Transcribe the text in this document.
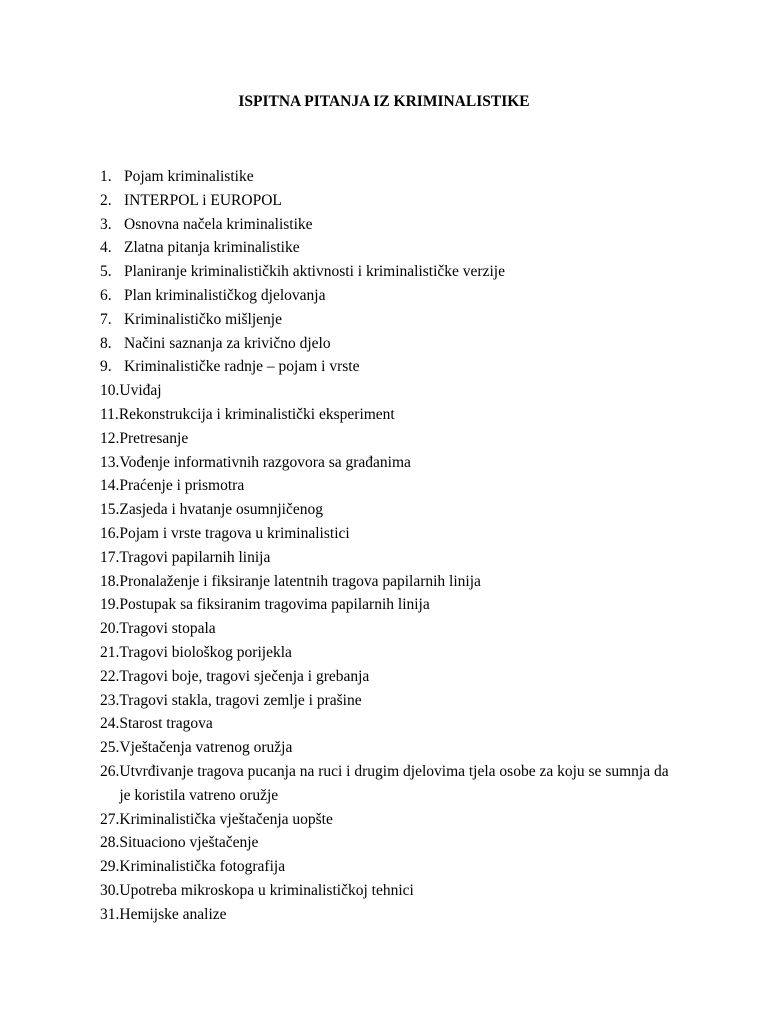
ISPITNA PITANJA IZ KRIMINALISTIKE
1. Pojam kriminalistike
2. INTERPOL i EUROPOL
3. Osnovna načela kriminalistike
4. Zlatna pitanja kriminalistike
5. Planiranje kriminalističkih aktivnosti i kriminalističke verzije
6. Plan kriminalističkog djelovanja
7. Kriminalističko mišljenje
8. Načini saznanja za krivično djelo
9. Kriminalističke radnje – pojam i vrste
10. Uviđaj
11. Rekonstrukcija i kriminalistički eksperiment
12. Pretresanje
13. Vođenje informativnih razgovora sa građanima
14. Praćenje i prismotra
15. Zasjeda i hvatanje osumnjičenog
16. Pojam i vrste tragova u kriminalistici
17. Tragovi papilarnih linija
18. Pronalaženje i fiksiranje latentnih tragova papilarnih linija
19. Postupak sa fiksiranim tragovima papilarnih linija
20. Tragovi stopala
21. Tragovi biološkog porijekla
22. Tragovi boje, tragovi sječenja i grebanja
23. Tragovi stakla, tragovi zemlje i prašine
24. Starost tragova
25. Vještačenja vatrenog oružja
26. Utvrđivanje tragova pucanja na ruci i drugim djelovima tjela osobe za koju se sumnja da je koristila vatreno oružje
27. Kriminalistička vještačenja uopšte
28. Situaciono vještačenje
29. Kriminalistička fotografija
30. Upotreba mikroskopa u kriminalističkoj tehnici
31. Hemijske analize
